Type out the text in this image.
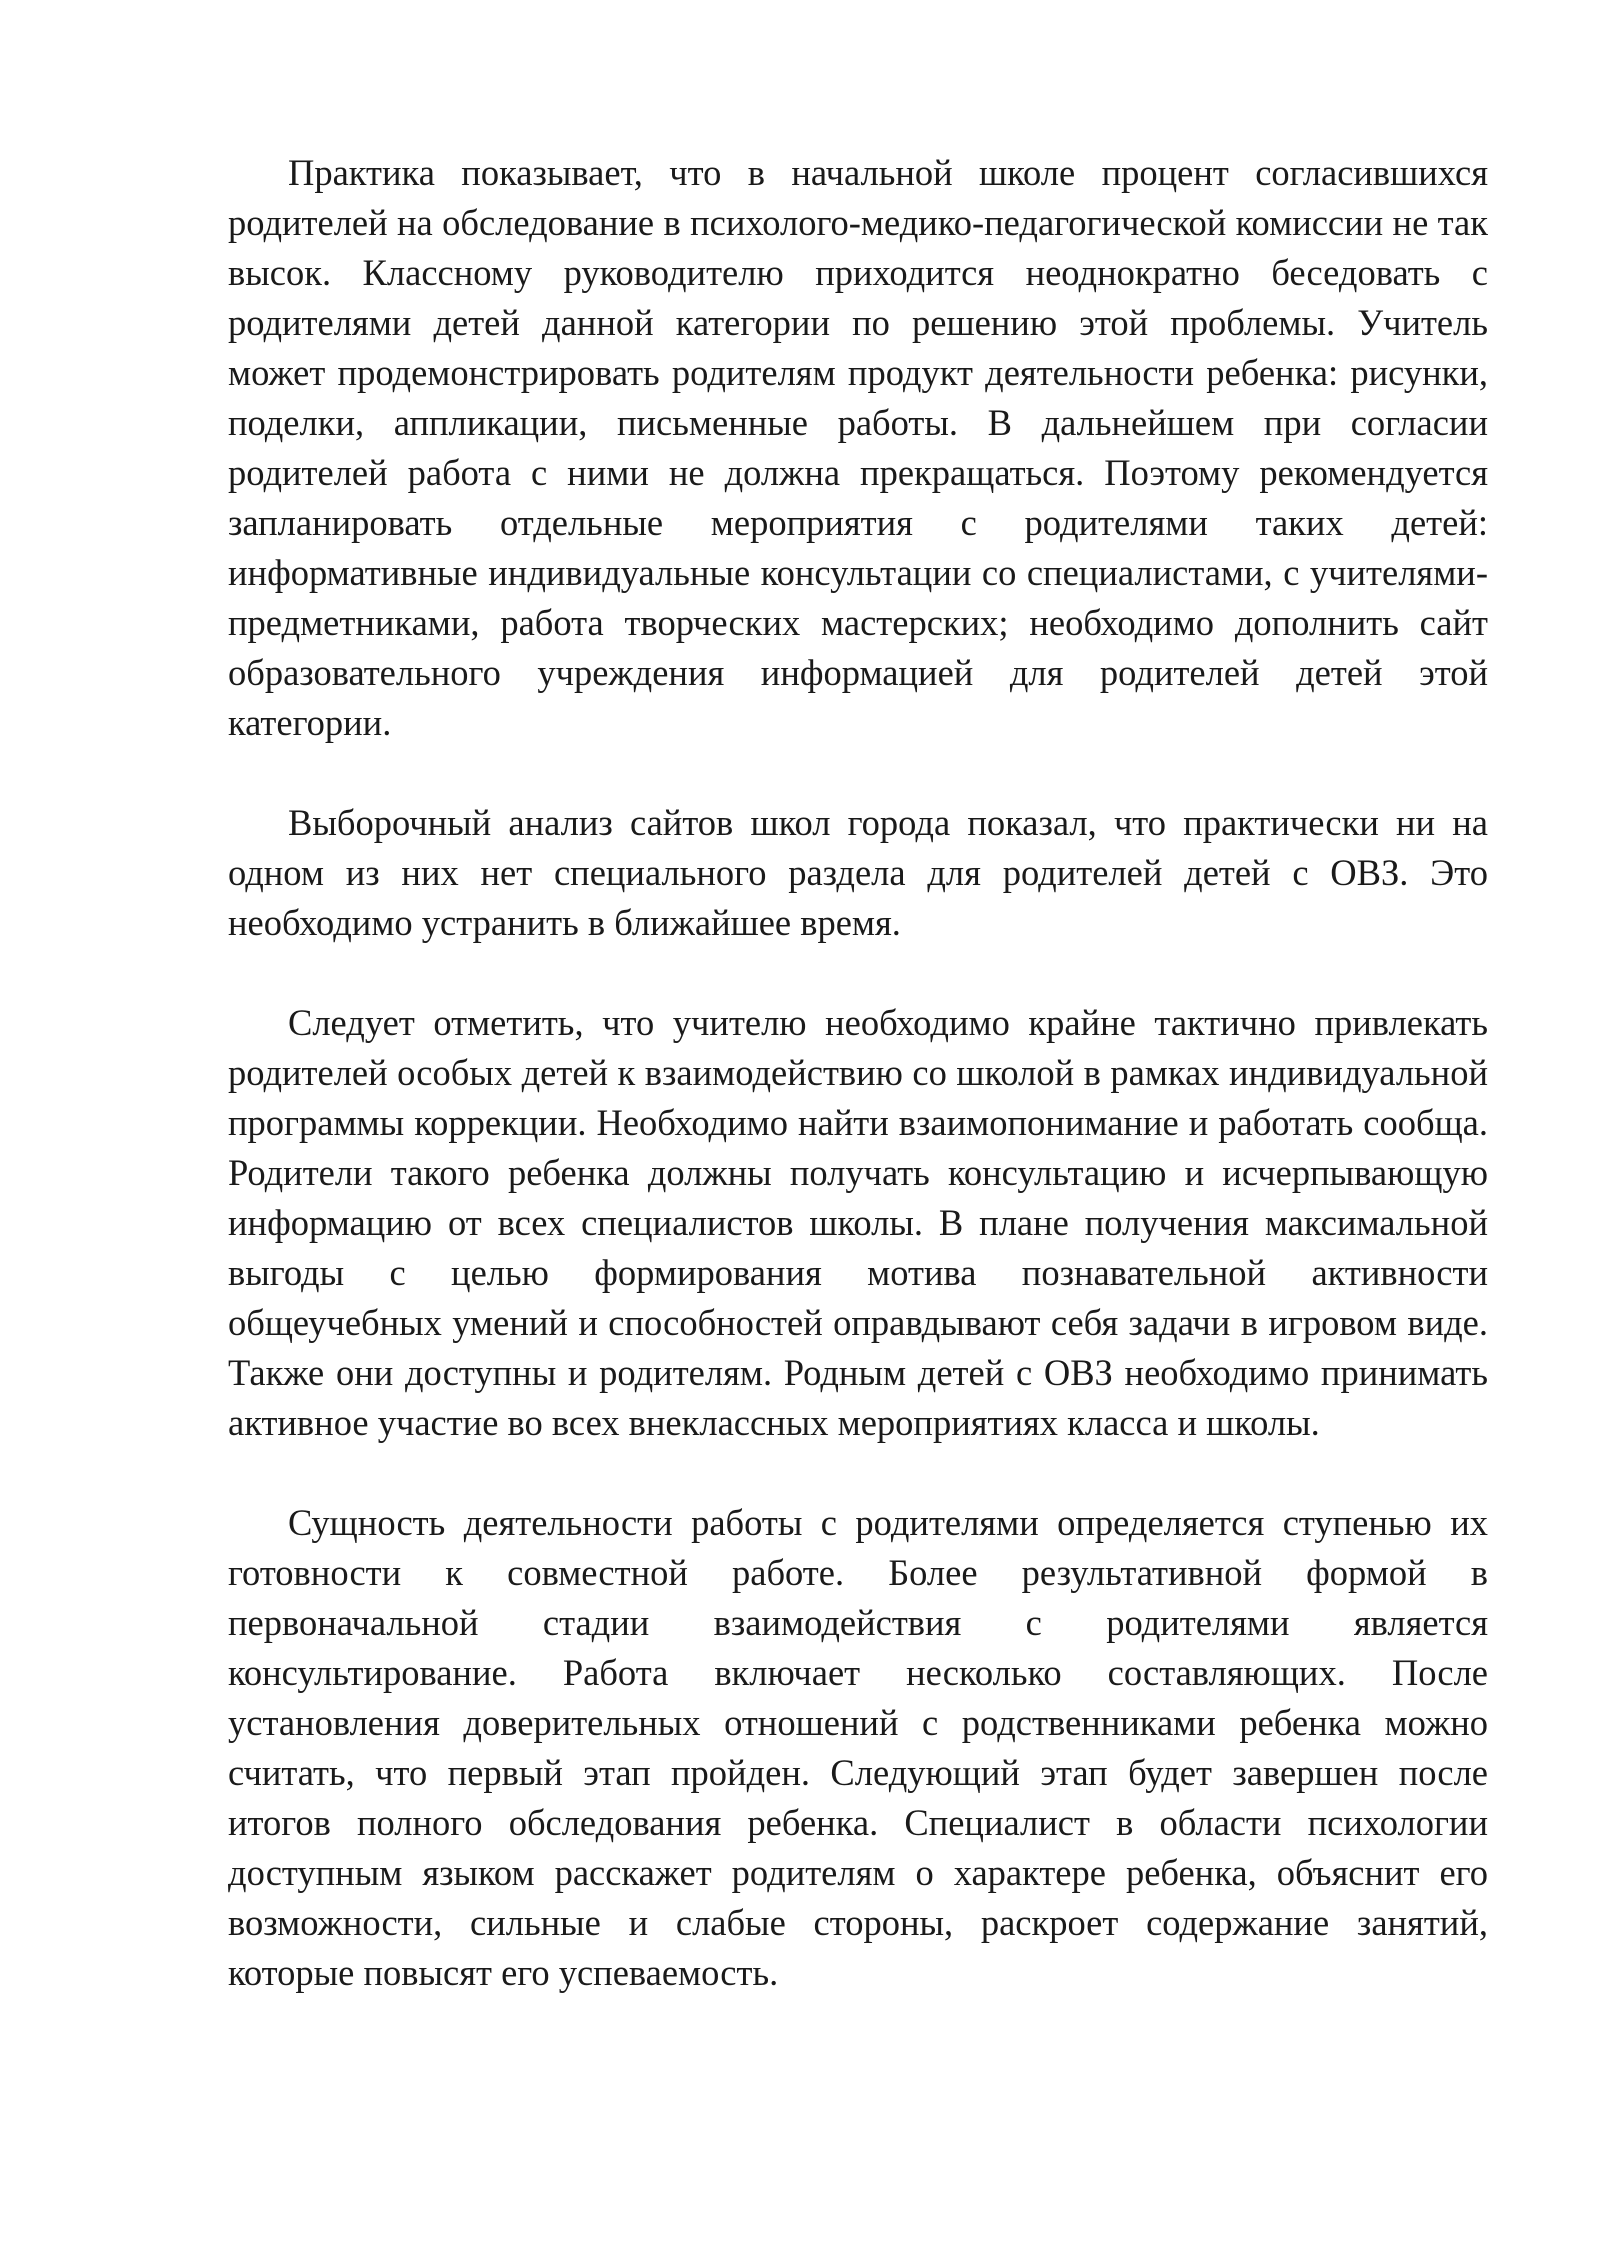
Практика показывает, что в начальной школе процент согласившихся родителей на обследование в психолого-медико-педагогической комиссии не так высок. Классному руководителю приходится неоднократно беседовать с родителями детей данной категории по решению этой проблемы. Учитель может продемонстрировать родителям продукт деятельности ребенка: рисунки, поделки, аппликации, письменные работы. В дальнейшем при согласии родителей работа с ними не должна прекращаться. Поэтому рекомендуется запланировать отдельные мероприятия с родителями таких детей: информативные индивидуальные консультации со специалистами, с учителями-предметниками, работа творческих мастерских; необходимо дополнить сайт образовательного учреждения информацией для родителей детей этой категории.

Выборочный анализ сайтов школ города показал, что практически ни на одном из них нет специального раздела для родителей детей с ОВЗ. Это необходимо устранить в ближайшее время.

Следует отметить, что учителю необходимо крайне тактично привлекать родителей особых детей к взаимодействию со школой в рамках индивидуальной программы коррекции. Необходимо найти взаимопонимание и работать сообща. Родители такого ребенка должны получать консультацию и исчерпывающую информацию от всех специалистов школы. В плане получения максимальной выгоды с целью формирования мотива познавательной активности общеучебных умений и способностей оправдывают себя задачи в игровом виде. Также они доступны и родителям. Родным детей с ОВЗ необходимо принимать активное участие во всех внеклассных мероприятиях класса и школы.

Сущность деятельности работы с родителями определяется ступенью их готовности к совместной работе. Более результативной формой в первоначальной стадии взаимодействия с родителями является консультирование. Работа включает несколько составляющих. После установления доверительных отношений с родственниками ребенка можно считать, что первый этап пройден. Следующий этап будет завершен после итогов полного обследования ребенка. Специалист в области психологии доступным языком расскажет родителям о характере ребенка, объяснит его возможности, сильные и слабые стороны, раскроет содержание занятий, которые повысят его успеваемость.
